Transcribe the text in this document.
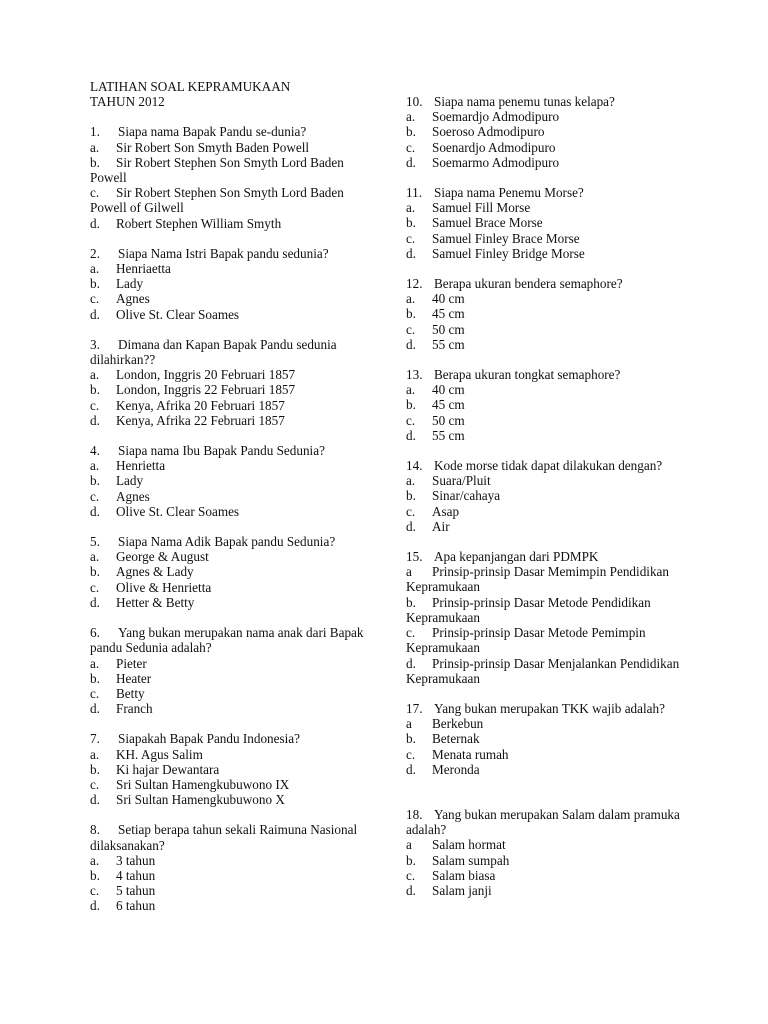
LATIHAN SOAL KEPRAMUKAAN
TAHUN 2012
1. Siapa nama Bapak Pandu se-dunia?
a. Sir Robert Son Smyth Baden Powell
b. Sir Robert Stephen Son Smyth Lord Baden Powell
c. Sir Robert Stephen Son Smyth Lord Baden Powell of Gilwell
d. Robert Stephen William Smyth
2. Siapa Nama Istri Bapak pandu sedunia?
a. Henriaetta
b. Lady
c. Agnes
d. Olive St. Clear Soames
3. Dimana dan Kapan Bapak Pandu sedunia dilahirkan??
a. London, Inggris 20 Februari 1857
b. London, Inggris 22 Februari 1857
c. Kenya, Afrika 20 Februari 1857
d. Kenya, Afrika 22 Februari 1857
4. Siapa nama Ibu Bapak Pandu Sedunia?
a. Henrietta
b. Lady
c. Agnes
d. Olive St. Clear Soames
5. Siapa Nama Adik Bapak pandu Sedunia?
a. George & August
b. Agnes & Lady
c. Olive & Henrietta
d. Hetter & Betty
6. Yang bukan merupakan nama anak dari Bapak pandu Sedunia adalah?
a. Pieter
b. Heater
c. Betty
d. Franch
7. Siapakah Bapak Pandu Indonesia?
a. KH. Agus Salim
b. Ki hajar Dewantara
c. Sri Sultan Hamengkubuwono IX
d. Sri Sultan Hamengkubuwono X
8. Setiap berapa tahun sekali Raimuna Nasional dilaksanakan?
a. 3 tahun
b. 4 tahun
c. 5 tahun
d. 6 tahun
10. Siapa nama penemu tunas kelapa?
a. Soemardjo Admodipuro
b. Soeroso Admodipuro
c. Soenardjo Admodipuro
d. Soemarmo Admodipuro
11. Siapa nama Penemu Morse?
a. Samuel Fill Morse
b. Samuel Brace Morse
c. Samuel Finley Brace Morse
d. Samuel Finley Bridge Morse
12. Berapa ukuran bendera semaphore?
a. 40 cm
b. 45 cm
c. 50 cm
d. 55 cm
13. Berapa ukuran tongkat semaphore?
a. 40 cm
b. 45 cm
c. 50 cm
d. 55 cm
14. Kode morse tidak dapat dilakukan dengan?
a. Suara/Pluit
b. Sinar/cahaya
c. Asap
d. Air
15. Apa kepanjangan dari PDMPK
a Prinsip-prinsip Dasar Memimpin Pendidikan Kepramukaan
b. Prinsip-prinsip Dasar Metode Pendidikan Kepramukaan
c. Prinsip-prinsip Dasar Metode Pemimpin Kepramukaan
d. Prinsip-prinsip Dasar Menjalankan Pendidikan Kepramukaan
17. Yang bukan merupakan TKK wajib adalah?
a Berkebun
b. Beternak
c. Menata rumah
d. Meronda
18. Yang bukan merupakan Salam dalam pramuka adalah?
a Salam hormat
b. Salam sumpah
c. Salam biasa
d. Salam janji
